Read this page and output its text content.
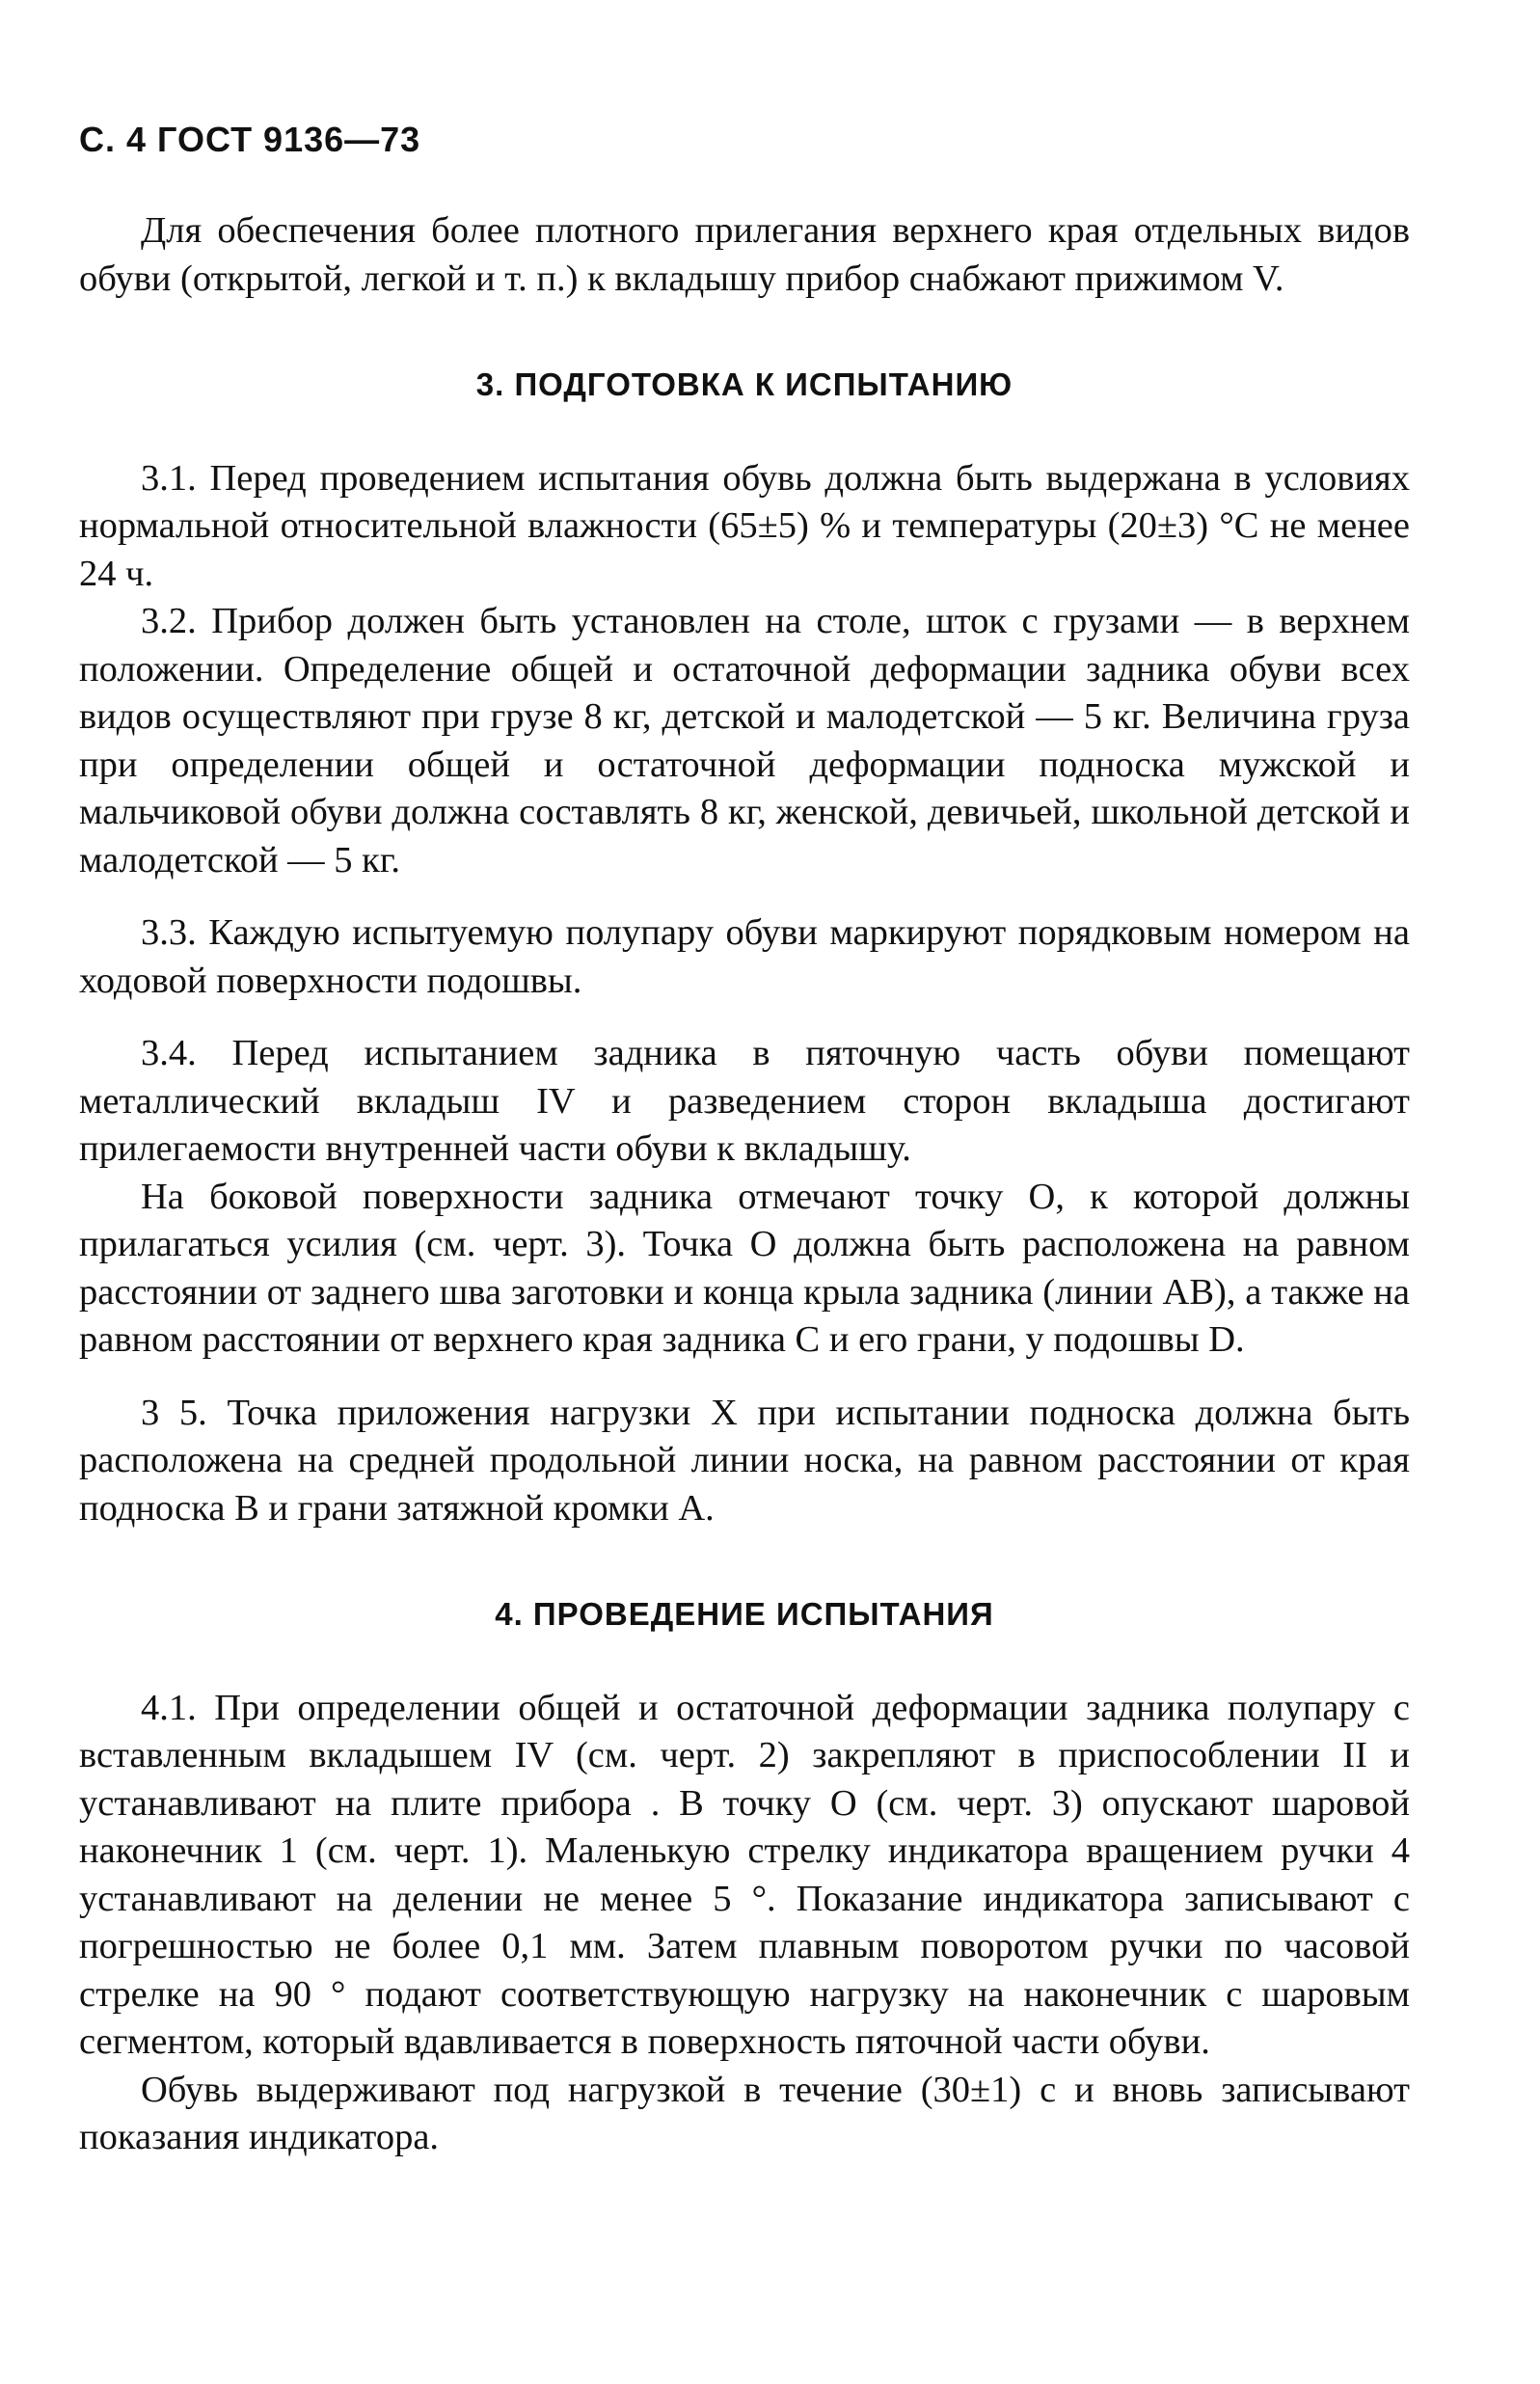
С. 4 ГОСТ 9136—73

Для обеспечения более плотного прилегания верхнего края отдельных видов обуви (открытой, легкой и т. п.) к вкладышу прибор снабжают прижимом V.

3. ПОДГОТОВКА К ИСПЫТАНИЮ

3.1. Перед проведением испытания обувь должна быть выдержана в условиях нормальной относительной влажности (65±5) % и температуры (20±3) °С не менее 24 ч.

3.2. Прибор должен быть установлен на столе, шток с грузами — в верхнем положении. Определение общей и остаточной деформации задника обуви всех видов осуществляют при грузе 8 кг, детской и малодетской — 5 кг. Величина груза при определении общей и остаточной деформации подноска мужской и мальчиковой обуви должна составлять 8 кг, женской, девичьей, школьной детской и малодетской — 5 кг.

3.3. Каждую испытуемую полупару обуви маркируют порядковым номером на ходовой поверхности подошвы.

3.4. Перед испытанием задника в пяточную часть обуви помещают металлический вкладыш IV и разведением сторон вкладыша достигают прилегаемости внутренней части обуви к вкладышу.

На боковой поверхности задника отмечают точку О, к которой должны прилагаться усилия (см. черт. 3). Точка О должна быть расположена на равном расстоянии от заднего шва заготовки и конца крыла задника (линии AB), а также на равном расстоянии от верхнего края задника С и его грани, у подошвы D.

3 5. Точка приложения нагрузки X при испытании подноска должна быть расположена на средней продольной линии носка, на равном расстоянии от края подноска В и грани затяжной кромки А.

4. ПРОВЕДЕНИЕ ИСПЫТАНИЯ

4.1. При определении общей и остаточной деформации задника полупару с вставленным вкладышем IV (см. черт. 2) закрепляют в приспособлении II и устанавливают на плите прибора . В точку О (см. черт. 3) опускают шаровой наконечник 1 (см. черт. 1). Маленькую стрелку индикатора вращением ручки 4 устанавливают на делении не менее 5 °. Показание индикатора записывают с погрешностью не более 0,1 мм. Затем плавным поворотом ручки по часовой стрелке на 90 ° подают соответствующую нагрузку на наконечник с шаровым сегментом, который вдавливается в поверхность пяточной части обуви.

Обувь выдерживают под нагрузкой в течение (30±1) с и вновь записывают показания индикатора.
